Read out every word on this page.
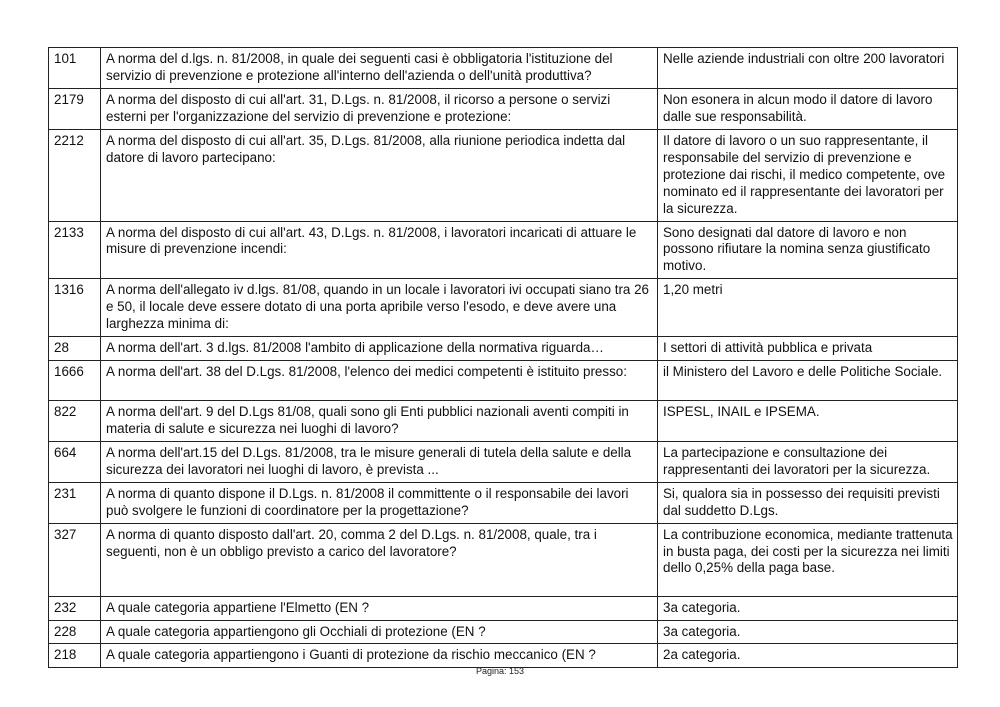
101	A norma del d.lgs. n. 81/2008, in quale dei seguenti casi è obbligatoria l'istituzione del servizio di prevenzione e protezione all'interno dell'azienda o dell'unità produttiva?	Nelle aziende industriali con oltre 200 lavoratori
2179	A norma del disposto di cui all'art. 31, D.Lgs. n. 81/2008, il ricorso a persone o servizi esterni per l'organizzazione del servizio di prevenzione e protezione:	Non esonera in alcun modo il datore di lavoro dalle sue responsabilità.
2212	A norma del disposto di cui all'art. 35, D.Lgs. 81/2008, alla riunione periodica indetta dal datore di lavoro partecipano:	Il datore di lavoro o un suo rappresentante, il responsabile del servizio di prevenzione e protezione dai rischi, il medico competente, ove nominato ed il rappresentante dei lavoratori per la sicurezza.
2133	A norma del disposto di cui all'art. 43, D.Lgs. n. 81/2008, i lavoratori incaricati di attuare le misure di prevenzione incendi:	Sono designati dal datore di lavoro e non possono rifiutare la nomina senza giustificato motivo.
1316	A norma dell'allegato iv d.lgs. 81/08, quando in un locale i lavoratori ivi occupati siano tra 26 e 50, il locale deve essere dotato di una porta apribile verso l'esodo, e deve avere una larghezza minima di:	1,20 metri
28	A norma dell'art. 3 d.lgs. 81/2008 l'ambito di applicazione della normativa riguarda…	I settori di attività pubblica e privata
1666	A norma dell'art. 38 del D.Lgs. 81/2008, l'elenco dei medici competenti è istituito presso:	il Ministero del Lavoro e delle Politiche Sociale.
822	A norma dell'art. 9 del D.Lgs 81/08, quali sono gli Enti pubblici nazionali aventi compiti in materia di salute e sicurezza nei luoghi di lavoro?	ISPESL, INAIL e IPSEMA.
664	A norma dell'art.15 del D.Lgs. 81/2008, tra le misure generali di tutela della salute e della sicurezza dei lavoratori nei luoghi di lavoro, è prevista ...	La partecipazione e consultazione dei rappresentanti dei lavoratori per la sicurezza.
231	A norma di quanto dispone il D.Lgs. n. 81/2008 il committente o il responsabile dei lavori può svolgere le funzioni di coordinatore per la progettazione?	Si, qualora sia in possesso dei requisiti previsti dal suddetto D.Lgs.
327	A norma di quanto disposto dall'art. 20, comma 2 del D.Lgs. n. 81/2008, quale, tra i seguenti, non è un obbligo previsto a carico del lavoratore?	La contribuzione economica, mediante trattenuta in busta paga, dei costi per la sicurezza nei limiti dello 0,25% della paga base.
232	A quale categoria appartiene l'Elmetto (EN ?	3a categoria.
228	A quale categoria appartiengono gli Occhiali di protezione (EN ?	3a categoria.
218	A quale categoria appartiengono i Guanti di protezione da rischio meccanico (EN ?	2a categoria.
Pagina: 153
